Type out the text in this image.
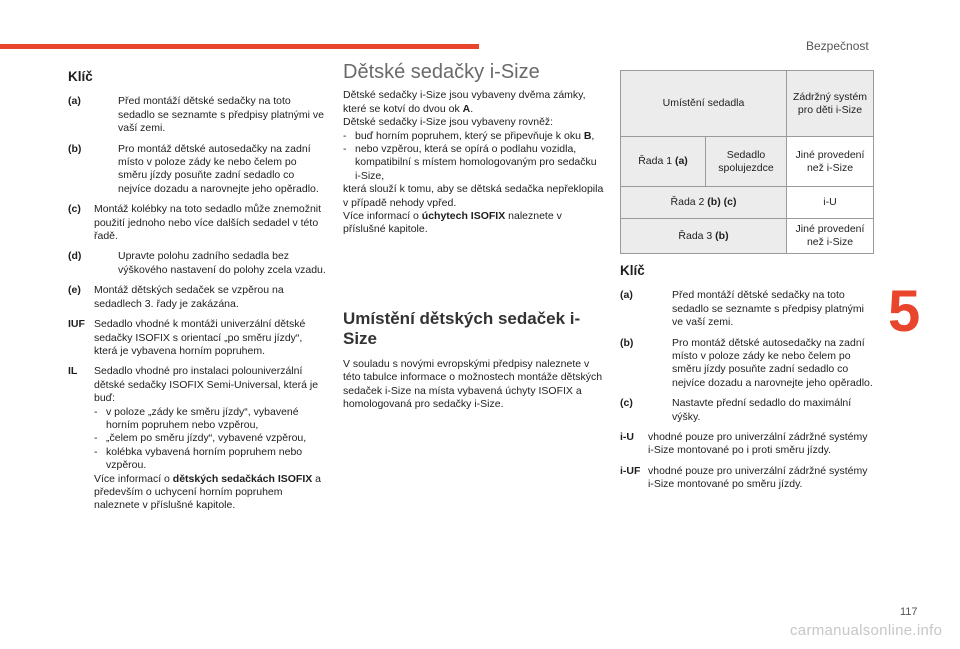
Bezpečnost
5
117
carmanualsonline.info
Klíč
(a)	Před montáží dětské sedačky na toto sedadlo se seznamte s předpisy platnými ve vaší zemi.
(b)	Pro montáž dětské autosedačky na zadní místo v poloze zády ke nebo čelem po směru jízdy posuňte zadní sedadlo co nejvíce dozadu a narovnejte jeho opěradlo.
(c)	Montáž kolébky na toto sedadlo může znemožnit použití jednoho nebo více dalších sedadel v této řadě.
(d)	Upravte polohu zadního sedadla bez výškového nastavení do polohy zcela vzadu.
(e)	Montáž dětských sedaček se vzpěrou na sedadlech 3. řady je zakázána.
IUF Sedadlo vhodné k montáži univerzální dětské sedačky ISOFIX s orientací „po směru jízdy“, která je vybavena horním popruhem.
IL	Sedadlo vhodné pro instalaci polouniverzální dětské sedačky ISOFIX Semi-Universal, která je buď:

- v poloze „zády ke směru jízdy“, vybavené horním popruhem nebo vzpěrou,
- „čelem po směru jízdy“, vybavené vzpěrou,
- kolébka vybavená horním popruhem nebo vzpěrou.

Více informací o dětských sedačkách ISOFIX a především o uchycení horním popruhem naleznete v příslušné kapitole.

Dětské sedačky i-Size

Dětské sedačky i-Size jsou vybaveny dvěma zámky, které se kotví do dvou ok A.

Dětské sedačky i-Size jsou vybaveny rovněž:

- buď horním popruhem, který se připevňuje k oku B,
- nebo vzpěrou, která se opírá o podlahu vozidla, kompatibilní s místem homologovaným pro sedačku i-Size,

která slouží k tomu, aby se dětská sedačka nepřeklopila v případě nehody vpřed.

Více informací o úchytech ISOFIX naleznete v příslušné kapitole.

Umístění dětských sedaček i-Size

V souladu s novými evropskými předpisy naleznete v této tabulce informace o možnostech montáže dětských sedaček i-Size na místa vybavená úchyty ISOFIX a homologovaná pro sedačky i-Size.

Umístění sedadla		Zádržný systém pro děti i-Size
Řada 1 (a)	Sedadlo spolujezdce	Jiné provedení než i-Size
Řada 2 (b) (c)		i-U
Řada 3 (b)		Jiné provedení než i-Size
Klíč
(a)	Před montáží dětské sedačky na toto sedadlo se seznamte s předpisy platnými ve vaší zemi.
(b)	Pro montáž dětské autosedačky na zadní místo v poloze zády ke nebo čelem po směru jízdy posuňte zadní sedadlo co nejvíce dozadu a narovnejte jeho opěradlo.
(c)	Nastavte přední sedadlo do maximální výšky.
i-U	vhodné pouze pro univerzální zádržné systémy i-Size montované po i proti směru jízdy.
i-UF vhodné pouze pro univerzální zádržné systémy i-Size montované po směru jízdy.
